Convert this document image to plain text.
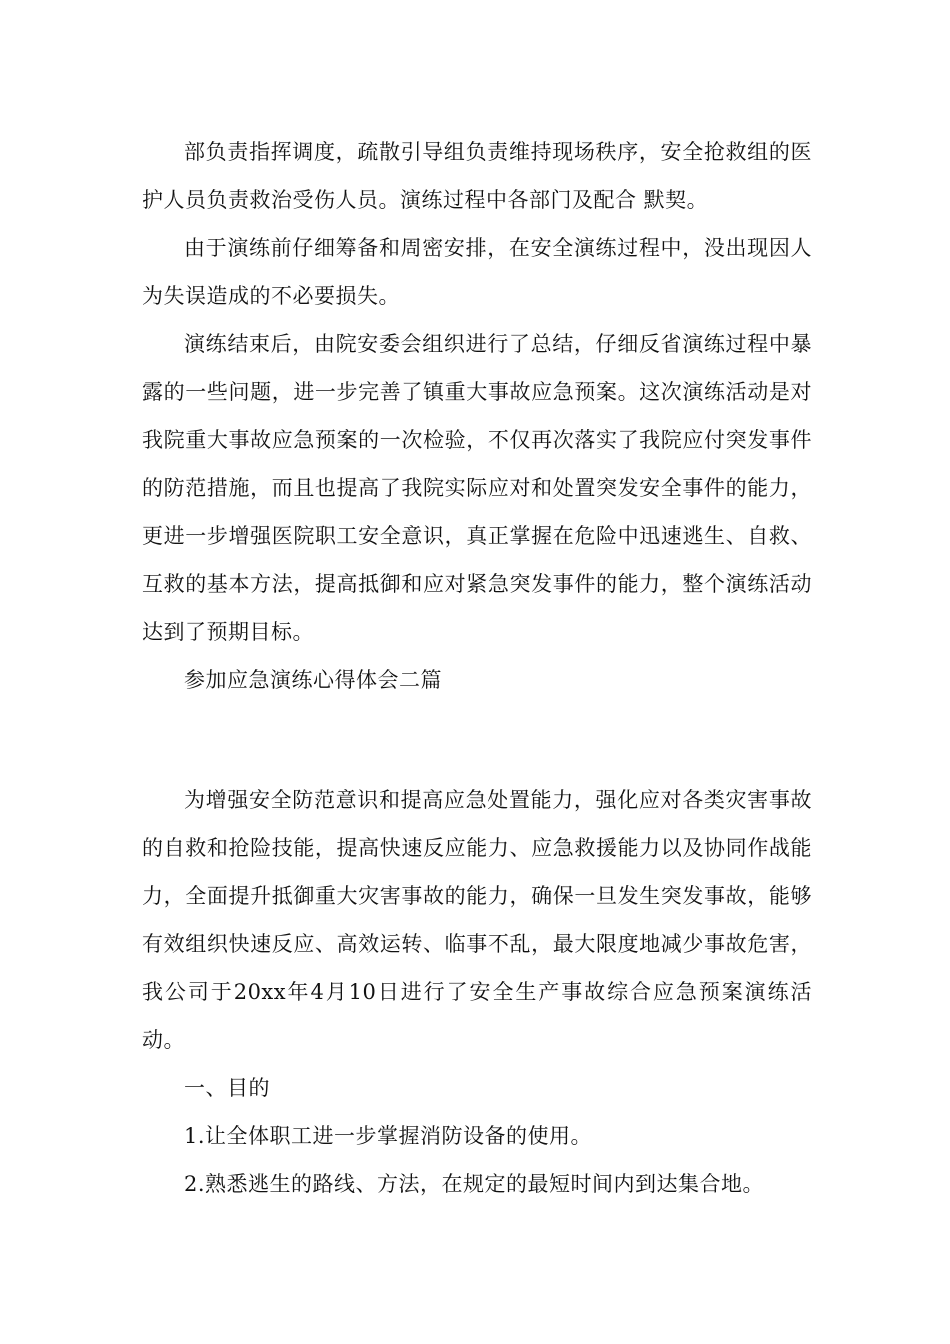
部负责指挥调度，疏散引导组负责维持现场秩序，安全抢救组的医护人员负责救治受伤人员。演练过程中各部门及配合 默契。

由于演练前仔细筹备和周密安排，在安全演练过程中，没出现因人为失误造成的不必要损失。

演练结束后，由院安委会组织进行了总结，仔细反省演练过程中暴露的一些问题，进一步完善了镇重大事故应急预案。这次演练活动是对我院重大事故应急预案的一次检验，不仅再次落实了我院应付突发事件的防范措施，而且也提高了我院实际应对和处置突发安全事件的能力，更进一步增强医院职工安全意识，真正掌握在危险中迅速逃生、自救、互救的基本方法，提高抵御和应对紧急突发事件的能力，整个演练活动达到了预期目标。

参加应急演练心得体会二篇

为增强安全防范意识和提高应急处置能力，强化应对各类灾害事故的自救和抢险技能，提高快速反应能力、应急救援能力以及协同作战能力，全面提升抵御重大灾害事故的能力，确保一旦发生突发事故，能够有效组织快速反应、高效运转、临事不乱，最大限度地减少事故危害，我公司于20xx年4月10日进行了安全生产事故综合应急预案演练活动。

一、目的

1.让全体职工进一步掌握消防设备的使用。

2.熟悉逃生的路线、方法，在规定的最短时间内到达集合地。
